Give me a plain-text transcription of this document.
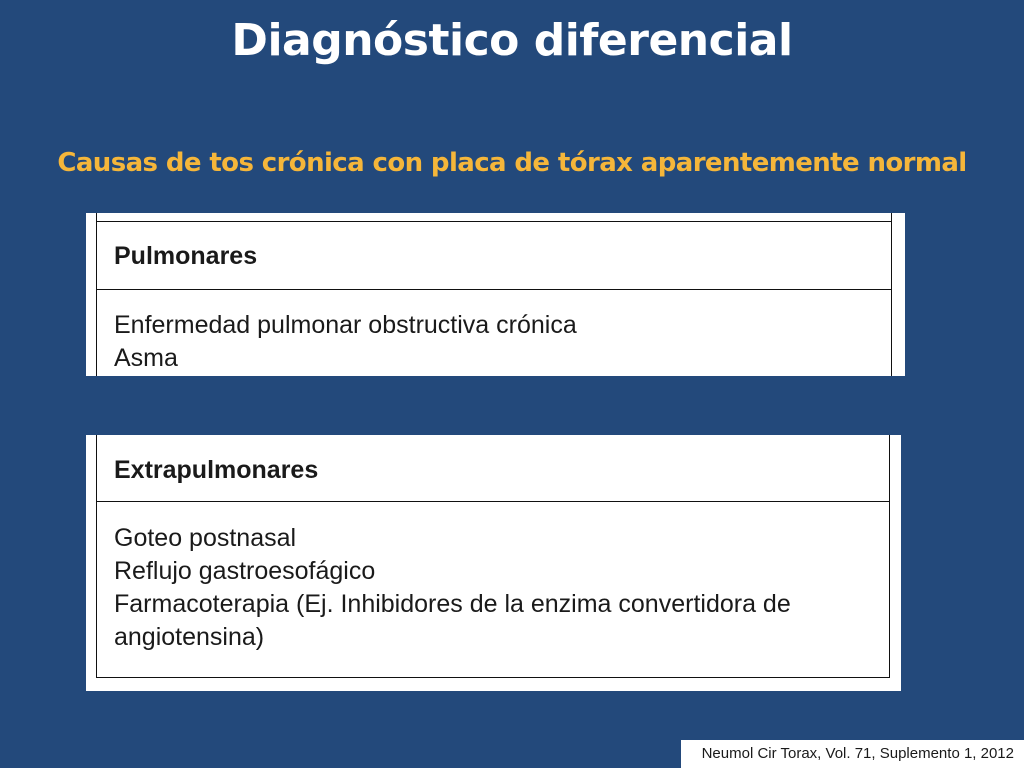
Diagnóstico diferencial
Causas de tos crónica con placa de tórax aparentemente normal
Pulmonares
Enfermedad pulmonar obstructiva crónica
Asma
Extrapulmonares
Goteo postnasal
Reflujo gastroesofágico
Farmacoterapia (Ej. Inhibidores de la enzima convertidora de angiotensina)
Neumol Cir Torax, Vol. 71, Suplemento 1, 2012
